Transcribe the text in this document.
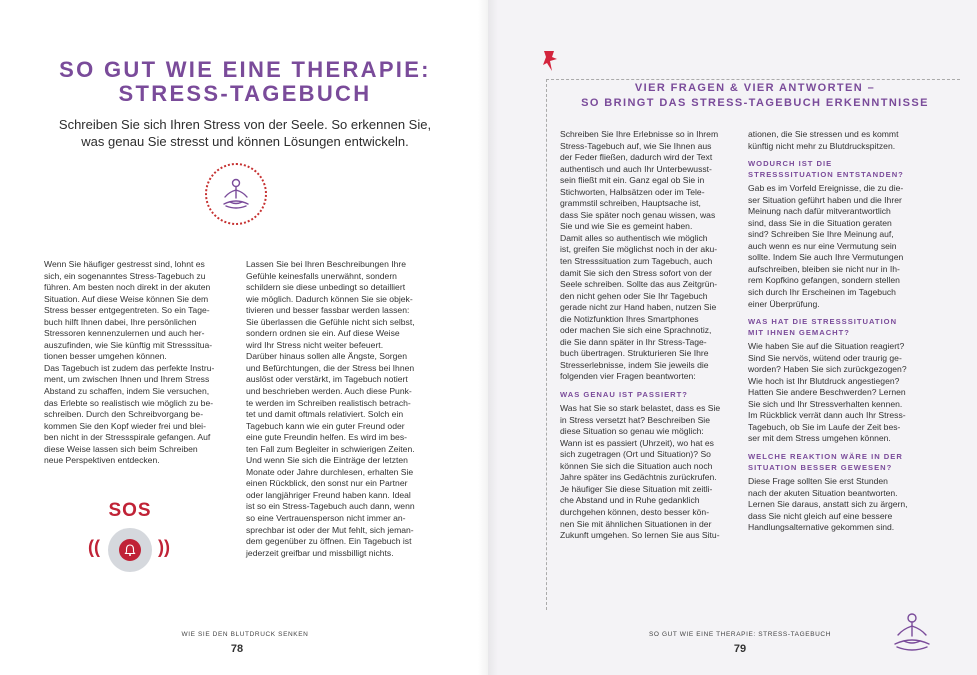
SO GUT WIE EINE THERAPIE:
STRESS-TAGEBUCH
Schreiben Sie sich Ihren Stress von der Seele. So erkennen Sie,
was genau Sie stresst und können Lösungen entwickeln.

Wenn Sie häufiger gestresst sind, lohnt es
sich, ein sogenanntes Stress-Tagebuch zu
führen. Am besten noch direkt in der akuten
Situation. Auf diese Weise können Sie dem
Stress besser entgegentreten. So ein Tage-
buch hilft Ihnen dabei, Ihre persönlichen
Stressoren kennenzulernen und auch her-
auszufinden, wie Sie künftig mit Stresssitua-
tionen besser umgehen können.

Das Tagebuch ist zudem das perfekte Instru-
ment, um zwischen Ihnen und Ihrem Stress
Abstand zu schaffen, indem Sie versuchen,
das Erlebte so realistisch wie möglich zu be-
schreiben. Durch den Schreibvorgang be-
kommen Sie den Kopf wieder frei und blei-
ben nicht in der Stressspirale gefangen. Auf
diese Weise lassen sich beim Schreiben
neue Perspektiven entdecken.

Lassen Sie bei Ihren Beschreibungen Ihre
Gefühle keinesfalls unerwähnt, sondern
schildern sie diese unbedingt so detailliert
wie möglich. Dadurch können Sie sie objek-
tivieren und besser fassbar werden lassen:
Sie überlassen die Gefühle nicht sich selbst,
sondern ordnen sie ein. Auf diese Weise
wird Ihr Stress nicht weiter befeuert.

Darüber hinaus sollen alle Ängste, Sorgen
und Befürchtungen, die der Stress bei Ihnen
auslöst oder verstärkt, im Tagebuch notiert
und beschrieben werden. Auch diese Punk-
te werden im Schreiben realistisch betrach-
tet und damit oftmals relativiert. Solch ein
Tagebuch kann wie ein guter Freund oder
eine gute Freundin helfen. Es wird im bes-
ten Fall zum Begleiter in schwierigen Zeiten.
Und wenn Sie sich die Einträge der letzten
Monate oder Jahre durchlesen, erhalten Sie
einen Rückblick, den sonst nur ein Partner
oder langjähriger Freund haben kann. Ideal
ist so ein Stress-Tagebuch auch dann, wenn
so eine Vertrauensperson nicht immer an-
sprechbar ist oder der Mut fehlt, sich jeman-
dem gegenüber zu öffnen. Ein Tagebuch ist
jederzeit greifbar und missbilligt nichts.

SOS
((	))
WIE SIE DEN BLUTDRUCK SENKEN
78
VIER FRAGEN & VIER ANTWORTEN –
SO BRINGT DAS STRESS-TAGEBUCH ERKENNTNISSE

Schreiben Sie Ihre Erlebnisse so in Ihrem
Stress-Tagebuch auf, wie Sie Ihnen aus
der Feder fließen, dadurch wird der Text
authentisch und auch Ihr Unterbewusst-
sein fließt mit ein. Ganz egal ob Sie in
Stichworten, Halbsätzen oder im Tele-
grammstil schreiben, Hauptsache ist,
dass Sie später noch genau wissen, was
Sie und wie Sie es gemeint haben.
Damit alles so authentisch wie möglich
ist, greifen Sie möglichst noch in der aku-
ten Stresssituation zum Tagebuch, auch
damit Sie sich den Stress sofort von der
Seele schreiben. Sollte das aus Zeitgrün-
den nicht gehen oder Sie Ihr Tagebuch
gerade nicht zur Hand haben, nutzen Sie
die Notizfunktion Ihres Smartphones
oder machen Sie sich eine Sprachnotiz,
die Sie dann später in Ihr Stress-Tage-
buch übertragen. Strukturieren Sie Ihre
Stresserlebnisse, indem Sie jeweils die
folgenden vier Fragen beantworten:

WAS GENAU IST PASSIERT?

Was hat Sie so stark belastet, dass es Sie
in Stress versetzt hat? Beschreiben Sie
diese Situation so genau wie möglich:
Wann ist es passiert (Uhrzeit), wo hat es
sich zugetragen (Ort und Situation)? So
können Sie sich die Situation auch noch
Jahre später ins Gedächtnis zurückrufen.
Je häufiger Sie diese Situation mit zeitli-
che Abstand und in Ruhe gedanklich
durchgehen können, desto besser kön-
nen Sie mit ähnlichen Situationen in der
Zukunft umgehen. So lernen Sie aus Situ-

ationen, die Sie stressen und es kommt
künftig nicht mehr zu Blutdruckspitzen.

WODURCH IST DIE
STRESSSITUATION ENTSTANDEN?

Gab es im Vorfeld Ereignisse, die zu die-
ser Situation geführt haben und die Ihrer
Meinung nach dafür mitverantwortlich
sind, dass Sie in die Situation geraten
sind? Schreiben Sie Ihre Meinung auf,
auch wenn es nur eine Vermutung sein
sollte. Indem Sie auch Ihre Vermutungen
aufschreiben, bleiben sie nicht nur in Ih-
rem Kopfkino gefangen, sondern stellen
sich durch Ihr Erscheinen im Tagebuch
einer Überprüfung.

WAS HAT DIE STRESSSITUATION
MIT IHNEN GEMACHT?

Wie haben Sie auf die Situation reagiert?
Sind Sie nervös, wütend oder traurig ge-
worden? Haben Sie sich zurückgezogen?
Wie hoch ist Ihr Blutdruck angestiegen?
Hatten Sie andere Beschwerden? Lernen
Sie sich und Ihr Stressverhalten kennen.
Im Rückblick verrät dann auch Ihr Stress-
Tagebuch, ob Sie im Laufe der Zeit bes-
ser mit dem Stress umgehen können.

WELCHE REAKTION WÄRE IN DER
SITUATION BESSER GEWESEN?

Diese Frage sollten Sie erst Stunden
nach der akuten Situation beantworten.
Lernen Sie daraus, anstatt sich zu ärgern,
dass Sie nicht gleich auf eine bessere
Handlungsalternative gekommen sind.

SO GUT WIE EINE THERAPIE: STRESS-TAGEBUCH
79
